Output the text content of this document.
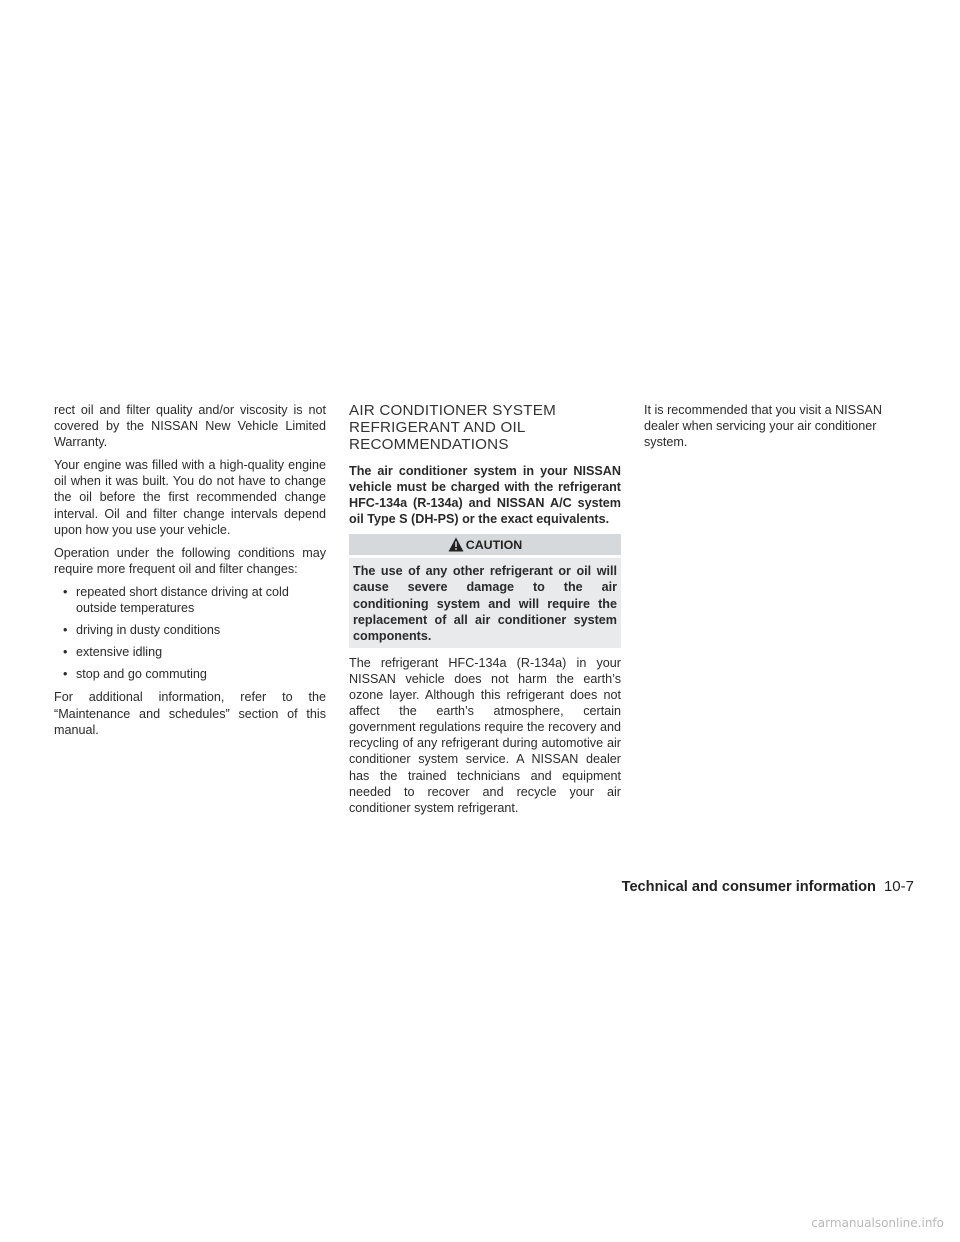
rect oil and filter quality and/or viscosity is not covered by the NISSAN New Vehicle Limited Warranty.

Your engine was filled with a high-quality engine oil when it was built. You do not have to change the oil before the first recommended change interval. Oil and filter change intervals depend upon how you use your vehicle.

Operation under the following conditions may require more frequent oil and filter changes:

• repeated short distance driving at cold outside temperatures
• driving in dusty conditions
• extensive idling
• stop and go commuting

For additional information, refer to the “Maintenance and schedules” section of this manual.

AIR CONDITIONER SYSTEM REFRIGERANT AND OIL RECOMMENDATIONS

The air conditioner system in your NISSAN vehicle must be charged with the refrigerant HFC-134a (R-134a) and NISSAN A/C system oil Type S (DH-PS) or the exact equivalents.

CAUTION
The use of any other refrigerant or oil will cause severe damage to the air conditioning system and will require the replacement of all air conditioner system components.

The refrigerant HFC-134a (R-134a) in your NISSAN vehicle does not harm the earth’s ozone layer. Although this refrigerant does not affect the earth’s atmosphere, certain government regulations require the recovery and recycling of any refrigerant during automotive air conditioner system service. A NISSAN dealer has the trained technicians and equipment needed to recover and recycle your air conditioner system refrigerant.

It is recommended that you visit a NISSAN dealer when servicing your air conditioner system.

Technical and consumer information 10-7
carmanualsonline.info
